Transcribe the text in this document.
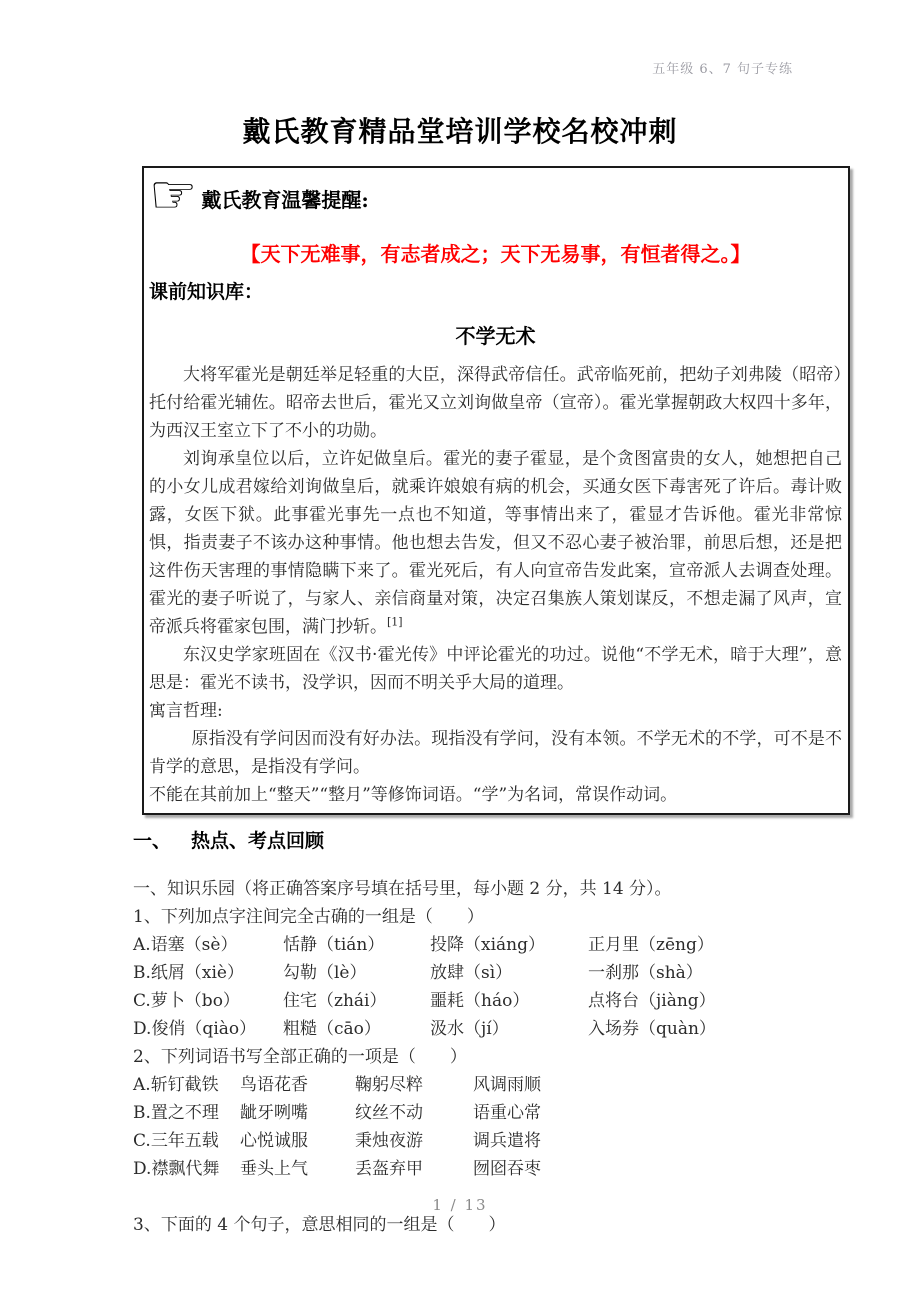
五年级 6、7 句子专练
戴氏教育精品堂培训学校名校冲刺
☞ 戴氏教育温馨提醒:
【天下无难事，有志者成之；天下无易事，有恒者得之。】
课前知识库：
不学无术

大将军霍光是朝廷举足轻重的大臣，深得武帝信任。武帝临死前，把幼子刘弗陵（昭帝）托付给霍光辅佐。昭帝去世后，霍光又立刘询做皇帝（宣帝）。霍光掌握朝政大权四十多年，为西汉王室立下了不小的功勋。

刘询承皇位以后，立许妃做皇后。霍光的妻子霍显，是个贪图富贵的女人，她想把自己的小女儿成君嫁给刘询做皇后，就乘许娘娘有病的机会，买通女医下毒害死了许后。毒计败露，女医下狱。此事霍光事先一点也不知道，等事情出来了，霍显才告诉他。霍光非常惊惧，指责妻子不该办这种事情。他也想去告发，但又不忍心妻子被治罪，前思后想，还是把这件伤天害理的事情隐瞒下来了。霍光死后，有人向宣帝告发此案，宣帝派人去调查处理。霍光的妻子听说了，与家人、亲信商量对策，决定召集族人策划谋反，不想走漏了风声，宣帝派兵将霍家包围，满门抄斩。[1]

东汉史学家班固在《汉书·霍光传》中评论霍光的功过。说他“不学无术，暗于大理”，意思是：霍光不读书，没学识，因而不明关乎大局的道理。

寓言哲理:

原指没有学问因而没有好办法。现指没有学问，没有本领。不学无术的不学，可不是不肯学的意思，是指没有学问。

不能在其前加上“整天”“整月”等修饰词语。“学”为名词，常误作动词。

一、	热点、考点回顾

一、知识乐园（将正确答案序号填在括号里，每小题 2 分，共 14 分）。

1、下列加点字注间完全古确的一组是（　　）

A.语塞（sè）	恬静（tián）	投降（xiáng）	正月里（zēng）
B.纸屑（xiè）	勾勒（lè）	放肆（sì）	一刹那（shà）
C.萝卜（bo）	住宅（zhái）	噩耗（háo）	点将台（jiàng）
D.俊俏（qiào）	粗糙（cāo）	汲水（jí）	入场券（quàn）

2、下列词语书写全部正确的一项是（　　）

A.斩钉截铁	鸟语花香	鞠躬尽粹	风调雨顺
B.置之不理	龇牙咧嘴	纹丝不动	语重心常
C.三年五载	心悦诚服	秉烛夜游	调兵遣将
D.襟飘代舞	垂头上气	丢盔弃甲	囫囵吞枣

3、下面的 4 个句子，意思相同的一组是（　　）

1 / 13
